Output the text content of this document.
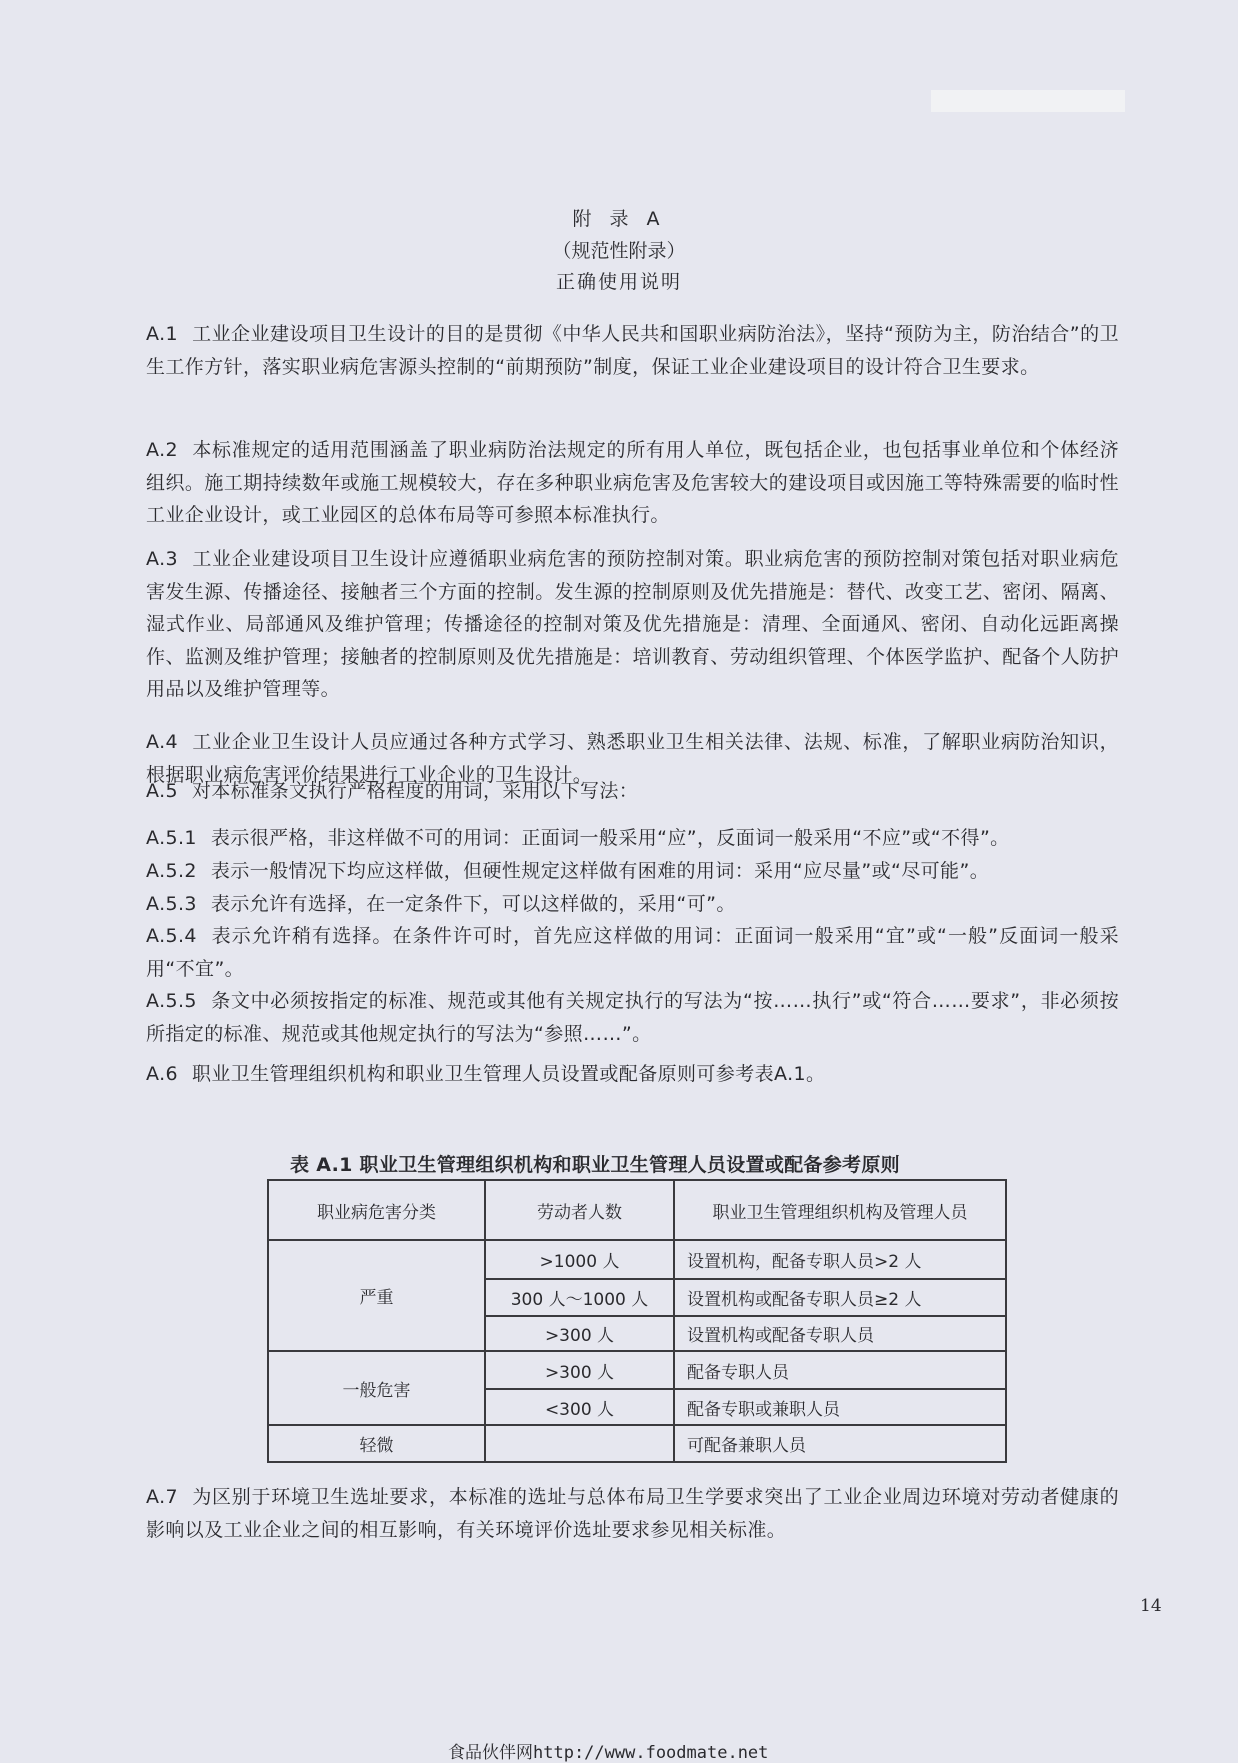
附 录 A
（规范性附录）
正确使用说明
A.1 工业企业建设项目卫生设计的目的是贯彻《中华人民共和国职业病防治法》，坚持“预防为主，防治结合”的卫生工作方针，落实职业病危害源头控制的“前期预防”制度，保证工业企业建设项目的设计符合卫生要求。
A.2 本标准规定的适用范围涵盖了职业病防治法规定的所有用人单位，既包括企业，也包括事业单位和个体经济组织。施工期持续数年或施工规模较大，存在多种职业病危害及危害较大的建设项目或因施工等特殊需要的临时性工业企业设计，或工业园区的总体布局等可参照本标准执行。
A.3 工业企业建设项目卫生设计应遵循职业病危害的预防控制对策。职业病危害的预防控制对策包括对职业病危害发生源、传播途径、接触者三个方面的控制。发生源的控制原则及优先措施是：替代、改变工艺、密闭、隔离、湿式作业、局部通风及维护管理；传播途径的控制对策及优先措施是：清理、全面通风、密闭、自动化远距离操作、监测及维护管理；接触者的控制原则及优先措施是：培训教育、劳动组织管理、个体医学监护、配备个人防护用品以及维护管理等。
A.4 工业企业卫生设计人员应通过各种方式学习、熟悉职业卫生相关法律、法规、标准，了解职业病防治知识，根据职业病危害评价结果进行工业企业的卫生设计。
A.5 对本标准条文执行严格程度的用词，采用以下写法：
A.5.1 表示很严格，非这样做不可的用词：正面词一般采用“应”，反面词一般采用“不应”或“不得”。
A.5.2 表示一般情况下均应这样做，但硬性规定这样做有困难的用词：采用“应尽量”或“尽可能”。
A.5.3 表示允许有选择，在一定条件下，可以这样做的，采用“可”。
A.5.4 表示允许稍有选择。在条件许可时，首先应这样做的用词：正面词一般采用“宜”或“一般”反面词一般采用“不宜”。
A.5.5 条文中必须按指定的标准、规范或其他有关规定执行的写法为“按……执行”或“符合……要求”，非必须按所指定的标准、规范或其他规定执行的写法为“参照……”。
A.6 职业卫生管理组织机构和职业卫生管理人员设置或配备原则可参考表A.1。
表 A.1 职业卫生管理组织机构和职业卫生管理人员设置或配备参考原则
职业病危害分类	劳动者人数	职业卫生管理组织机构及管理人员
严重	>1000 人	设置机构，配备专职人员>2 人
	300 人～1000 人	设置机构或配备专职人员≥2 人
	>300 人	设置机构或配备专职人员
一般危害	>300 人	配备专职人员
	<300 人	配备专职或兼职人员
轻微		可配备兼职人员
A.7 为区别于环境卫生选址要求，本标准的选址与总体布局卫生学要求突出了工业企业周边环境对劳动者健康的影响以及工业企业之间的相互影响，有关环境评价选址要求参见相关标准。
14
食品伙伴网http://www.foodmate.net
